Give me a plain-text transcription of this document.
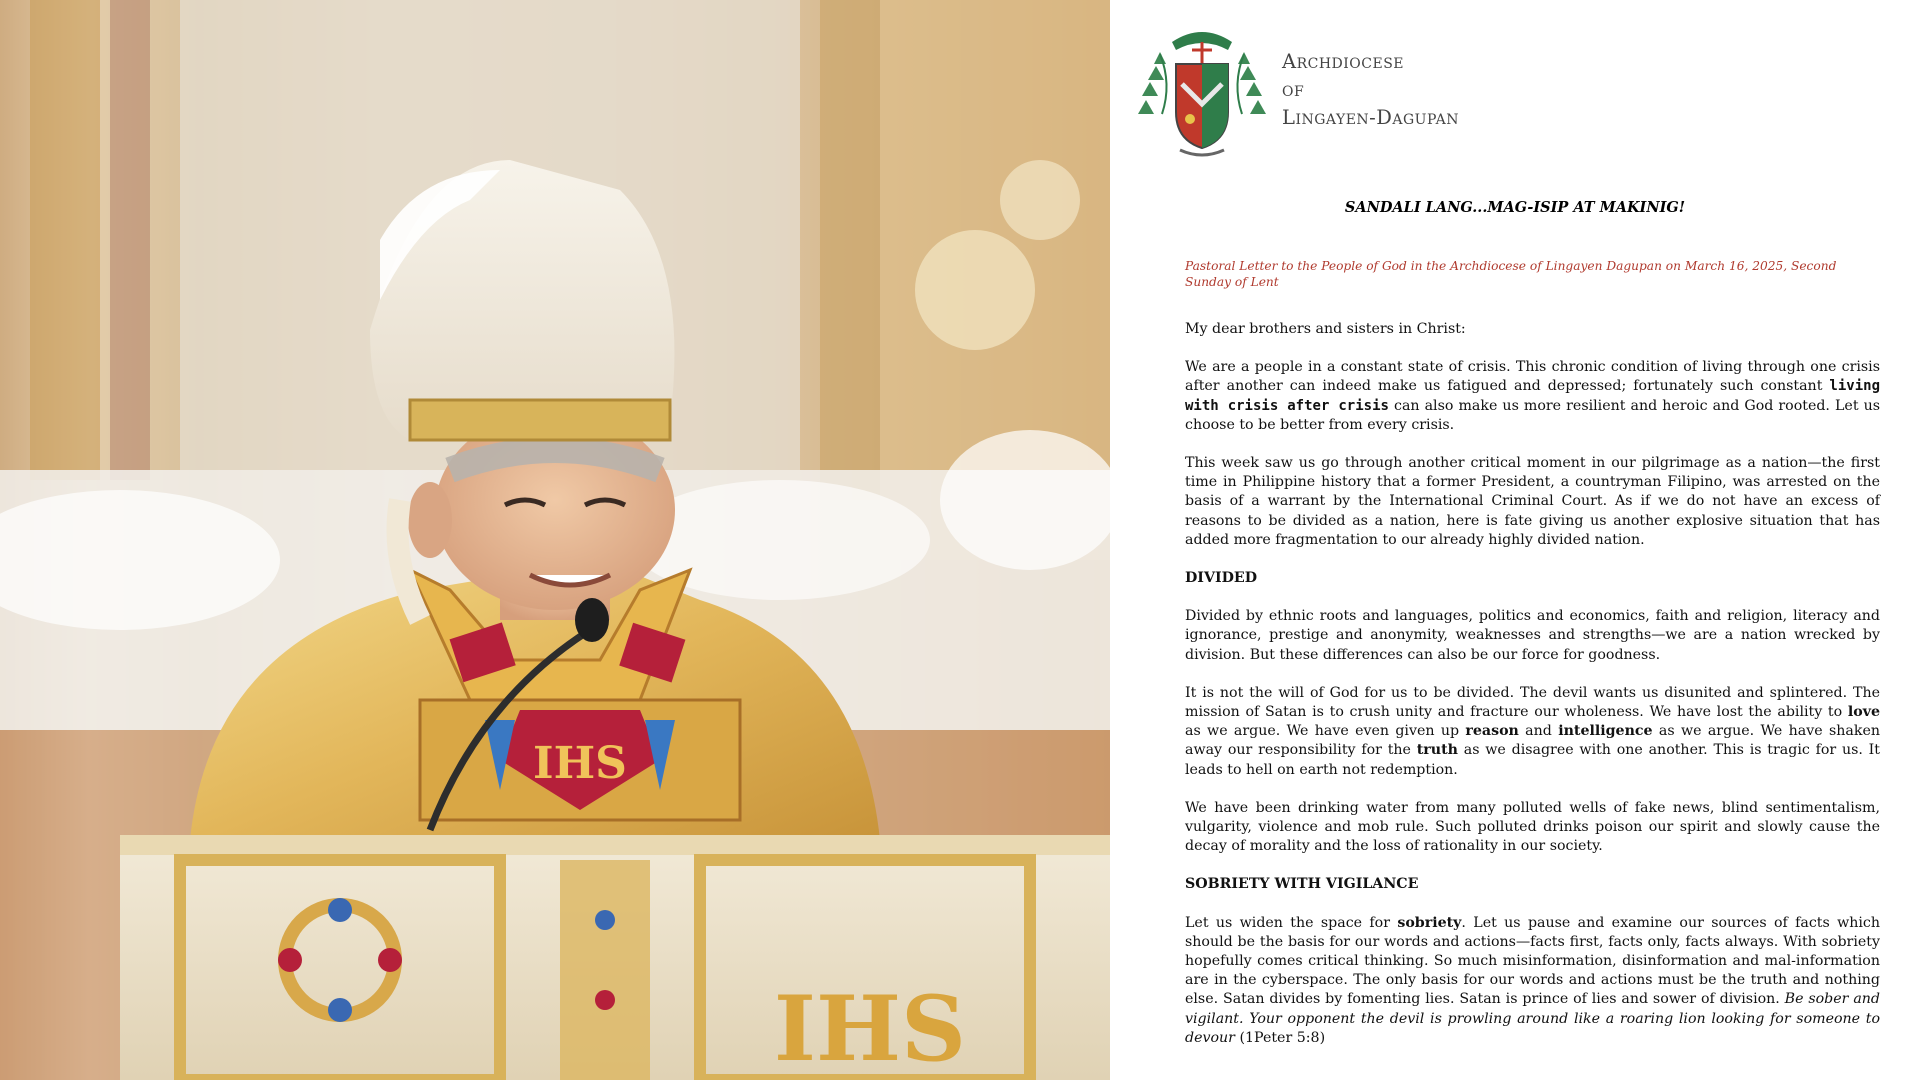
IHS
IHS
Archdiocese
of
Lingayen-Dagupan
SANDALI LANG...MAG-ISIP AT MAKINIG!
Pastoral Letter to the People of God in the Archdiocese of Lingayen Dagupan on March 16, 2025, Second Sunday of Lent

My dear brothers and sisters in Christ:

We are a people in a constant state of crisis. This chronic condition of living through one crisis after another can indeed make us fatigued and depressed; fortunately such constant living with crisis after crisis can also make us more resilient and heroic and God rooted. Let us choose to be better from every crisis.

This week saw us go through another critical moment in our pilgrimage as a nation—the first time in Philippine history that a former President, a countryman Filipino, was arrested on the basis of a warrant by the International Criminal Court. As if we do not have an excess of reasons to be divided as a nation, here is fate giving us another explosive situation that has added more fragmentation to our already highly divided nation.

DIVIDED

Divided by ethnic roots and languages, politics and economics, faith and religion, literacy and ignorance, prestige and anonymity, weaknesses and strengths—we are a nation wrecked by division. But these differences can also be our force for goodness.

It is not the will of God for us to be divided. The devil wants us disunited and splintered. The mission of Satan is to crush unity and fracture our wholeness. We have lost the ability to love as we argue. We have even given up reason and intelligence as we argue. We have shaken away our responsibility for the truth as we disagree with one another. This is tragic for us. It leads to hell on earth not redemption.

We have been drinking water from many polluted wells of fake news, blind sentimentalism, vulgarity, violence and mob rule. Such polluted drinks poison our spirit and slowly cause the decay of morality and the loss of rationality in our society.

SOBRIETY WITH VIGILANCE

Let us widen the space for sobriety. Let us pause and examine our sources of facts which should be the basis for our words and actions—facts first, facts only, facts always. With sobriety hopefully comes critical thinking. So much misinformation, disinformation and mal-information are in the cyberspace. The only basis for our words and actions must be the truth and nothing else. Satan divides by fomenting lies. Satan is prince of lies and sower of division. Be sober and vigilant. Your opponent the devil is prowling around like a roaring lion looking for someone to devour (1Peter 5:8)
